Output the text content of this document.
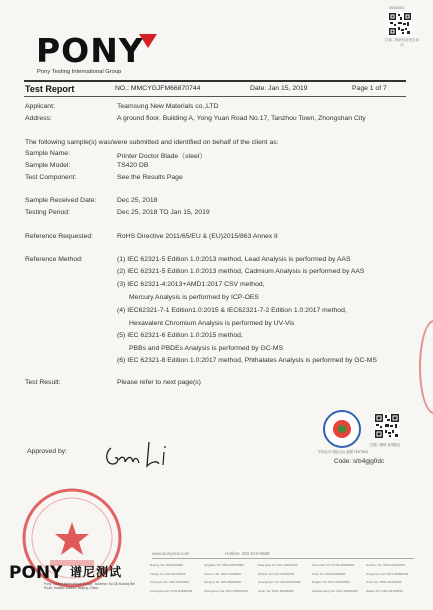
PONY
Pony Testing International Group
0000000
扫描二维码验证报告真伪
Test Report	NO.: MMCYGJFM66870744	Date: Jan 15, 2019	Page 1 of 7
Applicant:	Teamsung New Materials co.,LTD
Address:	A ground floor, Building A, Yong Yuan Road No.17, Tanzhou Town, Zhongshan City
The following sample(s) was/were submitted and identified on behalf of the client as:
Sample Name:	Printer Doctor Blade（steel）
Sample Model:	TS420 DB
Test Component:	See the Results Page
Sample Received Date:	Dec 25, 2018
Testing Period:	Dec 25, 2018 TO Jan 15, 2019
Reference Requested:	RoHS Directive 2011/65/EU & (EU)2015/863 Annex II
Reference Method:	(1) IEC 62321-5 Edition 1.0:2013 method, Lead Analysis is performed by AAS
(2) IEC 62321-5 Edition 1.0:2013 method, Cadmium Analysis is performed by AAS
(3) IEC 62321-4:2013+AMD1:2017 CSV method,
Mercury Analysis is performed by ICP-OES
(4) IEC62321-7-1 Edition1.0:2015 & IEC62321-7-2 Edition 1.0:2017 method,
Hexavalent Chromium Analysis is performed by UV-Vis
(5) IEC 62321-6 Edition 1.0:2015 method,
PBBs and PBDEs Analysis is performed by GC-MS
(6) IEC 62321-8 Edition 1.0:2017 method, Phthalates Analysis is performed by GC-MS
Test Result:	Please refer to next page(s)
中国认可 国际互认 检测 TESTING
扫描二维码 查询报告
Approved by:
Code: srb4gjg0dc
PONY 谱尼测试
Pony Testing International Group · Address: No.38 Xisanqi Bei Road, Haidian District, Beijing, China
www.ponytest.com	Hotline: 400-819-5688
Beijing Tel: 4008195688	Qingdao Tel: 0532-88706866	Shanghai Tel: 021-64851999	Shenzhen Tel: 0755-26050909	Suzhou Tel: 0512-62992058
Tianjin Tel: 022-65378866	Xiamen Tel: 0592-5768500	Wuhan Tel: 027-83566000	Xi'an Tel: 029-84358686	Hangzhou Tel: 0571-88990099
Chengdu Tel: 028-65519696	Nanjing Tel: 025-86989696	Guangzhou Tel: 020-82591696	Ningbo Tel: 0574-87658600	Hefei Tel: 0551-65381696
Changsha Tel: 0731-84698600	Zhengzhou Tel: 0371-65951696	Jinan Tel: 0531-86909696	Shijiazhuang Tel: 0311-66661696	Dalian Tel: 0411-84359696
